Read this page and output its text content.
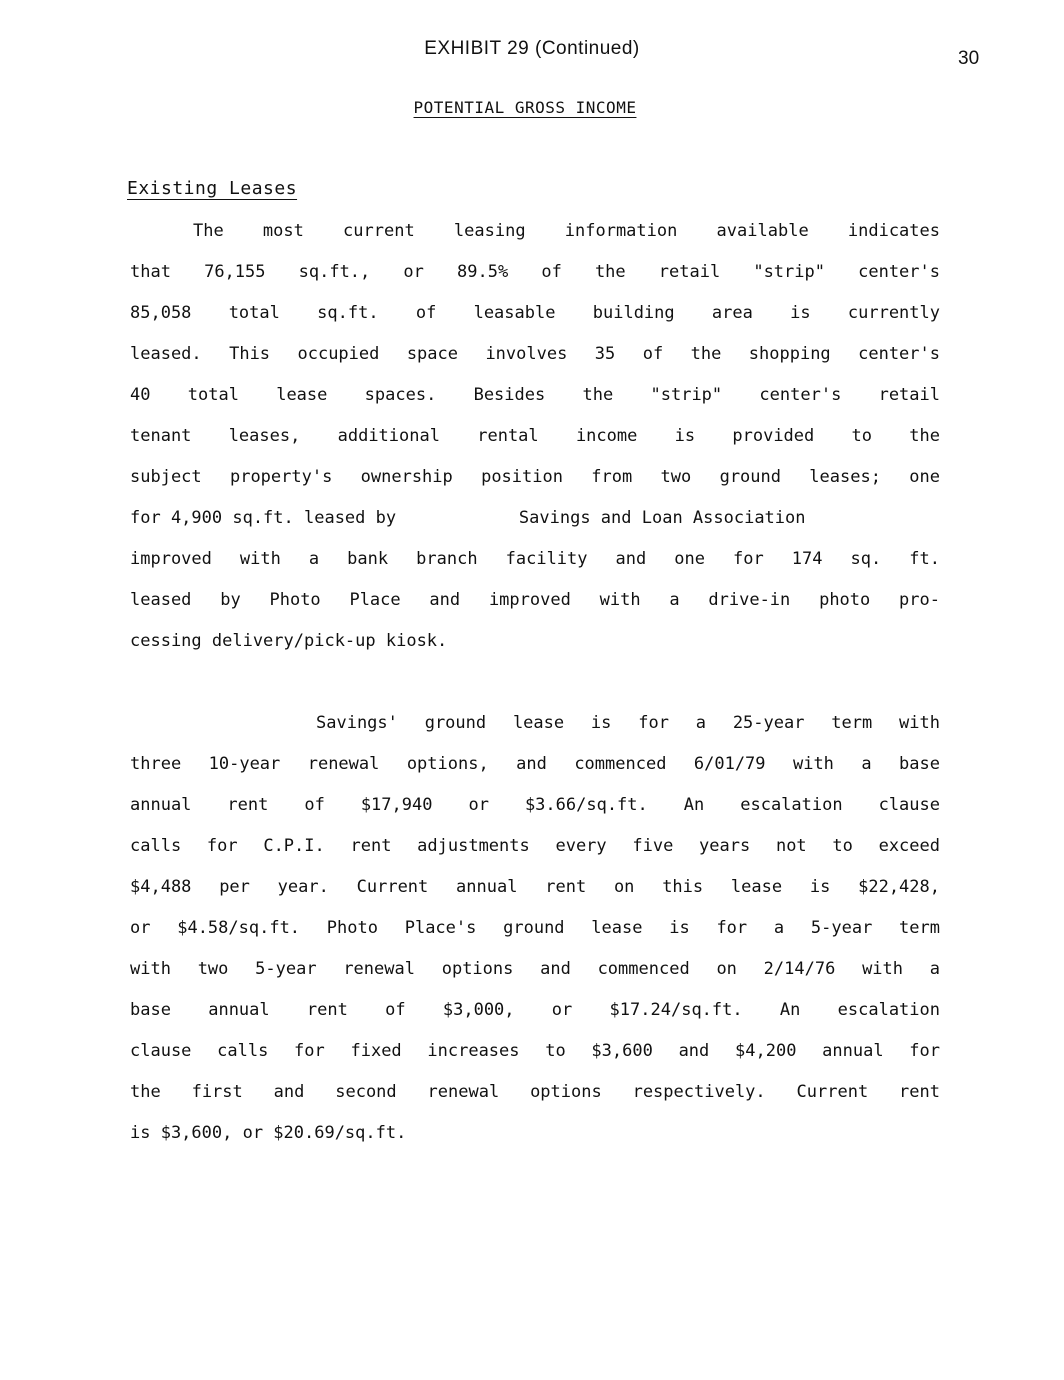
EXHIBIT 29 (Continued)	30
POTENTIAL GROSS INCOME
Existing Leases
The most current leasing information available indicates
that 76,155 sq.ft., or 89.5% of the retail "strip" center's
85,058 total sq.ft. of leasable building area is currently
leased. This occupied space involves 35 of the shopping center's
40 total lease spaces. Besides the "strip" center's retail
tenant leases, additional rental income is provided to the
subject property's ownership position from two ground leases; one
for 4,900 sq.ft. leased by            Savings and Loan Association
improved with a bank branch facility and one for 174 sq. ft.
leased by Photo Place and improved with a drive-in photo pro-
cessing delivery/pick-up kiosk.
Savings' ground lease is for a 25-year term with
three 10-year renewal options, and commenced 6/01/79 with a base
annual rent of $17,940 or $3.66/sq.ft. An escalation clause
calls for C.P.I. rent adjustments every five years not to exceed
$4,488 per year. Current annual rent on this lease is $22,428,
or $4.58/sq.ft. Photo Place's ground lease is for a 5-year term
with two 5-year renewal options and commenced on 2/14/76 with a
base annual rent of $3,000, or $17.24/sq.ft. An escalation
clause calls for fixed increases to $3,600 and $4,200 annual for
the first and second renewal options respectively. Current rent
is $3,600, or $20.69/sq.ft.
